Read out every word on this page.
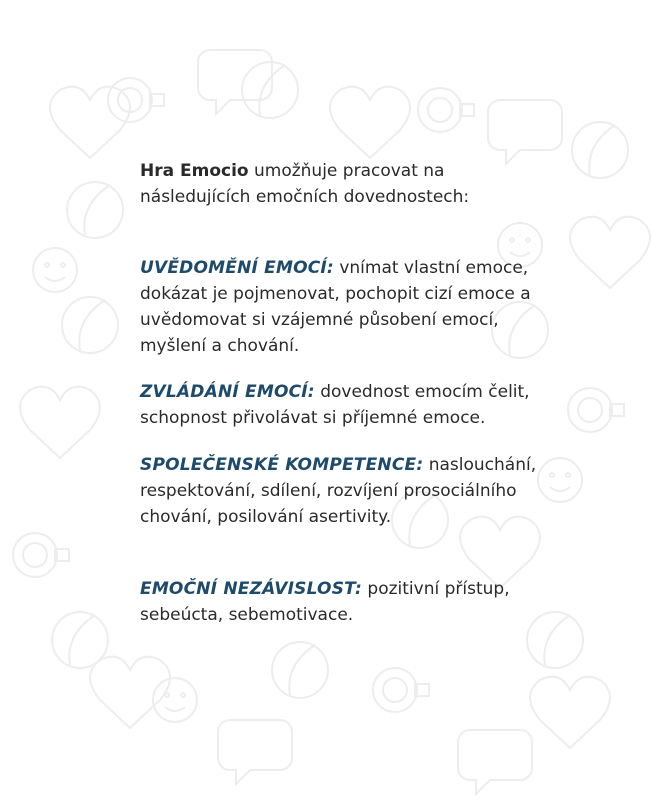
Hra Emocio umožňuje pracovat na následujících emočních dovednostech:

UVĚDOMĚNÍ EMOCÍ: vnímat vlastní emoce, dokázat je pojmenovat, pochopit cizí emoce a uvědomovat si vzájemné působení emocí, myšlení a chování.

ZVLÁDÁNÍ EMOCÍ: dovednost emocím čelit, schopnost přivolávat si příjemné emoce.

SPOLEČENSKÉ KOMPETENCE: naslouchání, respektování, sdílení, rozvíjení prosociálního chování, posilování asertivity.

EMOČNÍ NEZÁVISLOST: pozitivní přístup, sebeúcta, sebemotivace.
